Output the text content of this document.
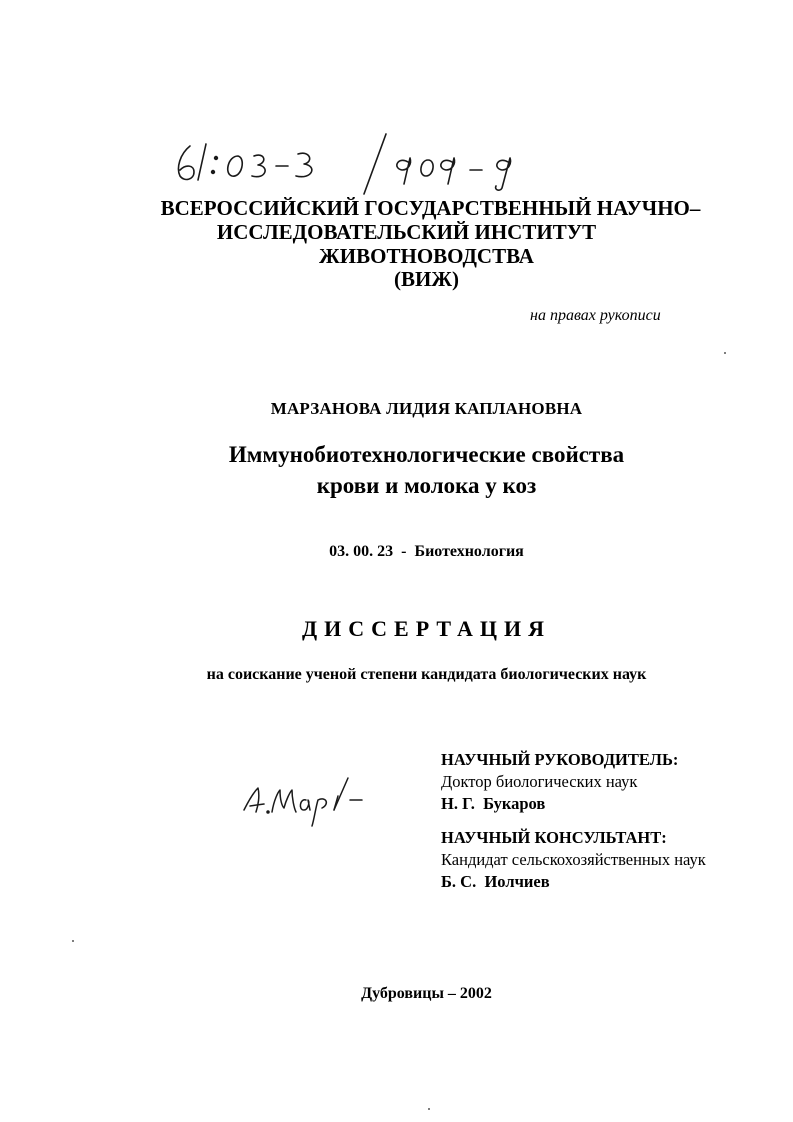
61:03-3/909-9
ВСЕРОССИЙСКИЙ ГОСУДАРСТВЕННЫЙ НАУЧНО–
ИССЛЕДОВАТЕЛЬСКИЙ ИНСТИТУТ
ЖИВОТНОВОДСТВА
(ВИЖ)
на правах рукописи
МАРЗАНОВА ЛИДИЯ КАПЛАНОВНА
Иммунобиотехнологические свойства
крови и молока у коз
03. 00. 23 - Биотехнология
ДИССЕРТАЦИЯ
на соискание ученой степени кандидата биологических наук
Л.Мар/-
НАУЧНЫЙ РУКОВОДИТЕЛЬ:
Доктор биологических наук
Н. Г.  Букаров
НАУЧНЫЙ КОНСУЛЬТАНТ:
Кандидат сельскохозяйственных наук
Б. С.  Иолчиев
Дубровицы – 2002
